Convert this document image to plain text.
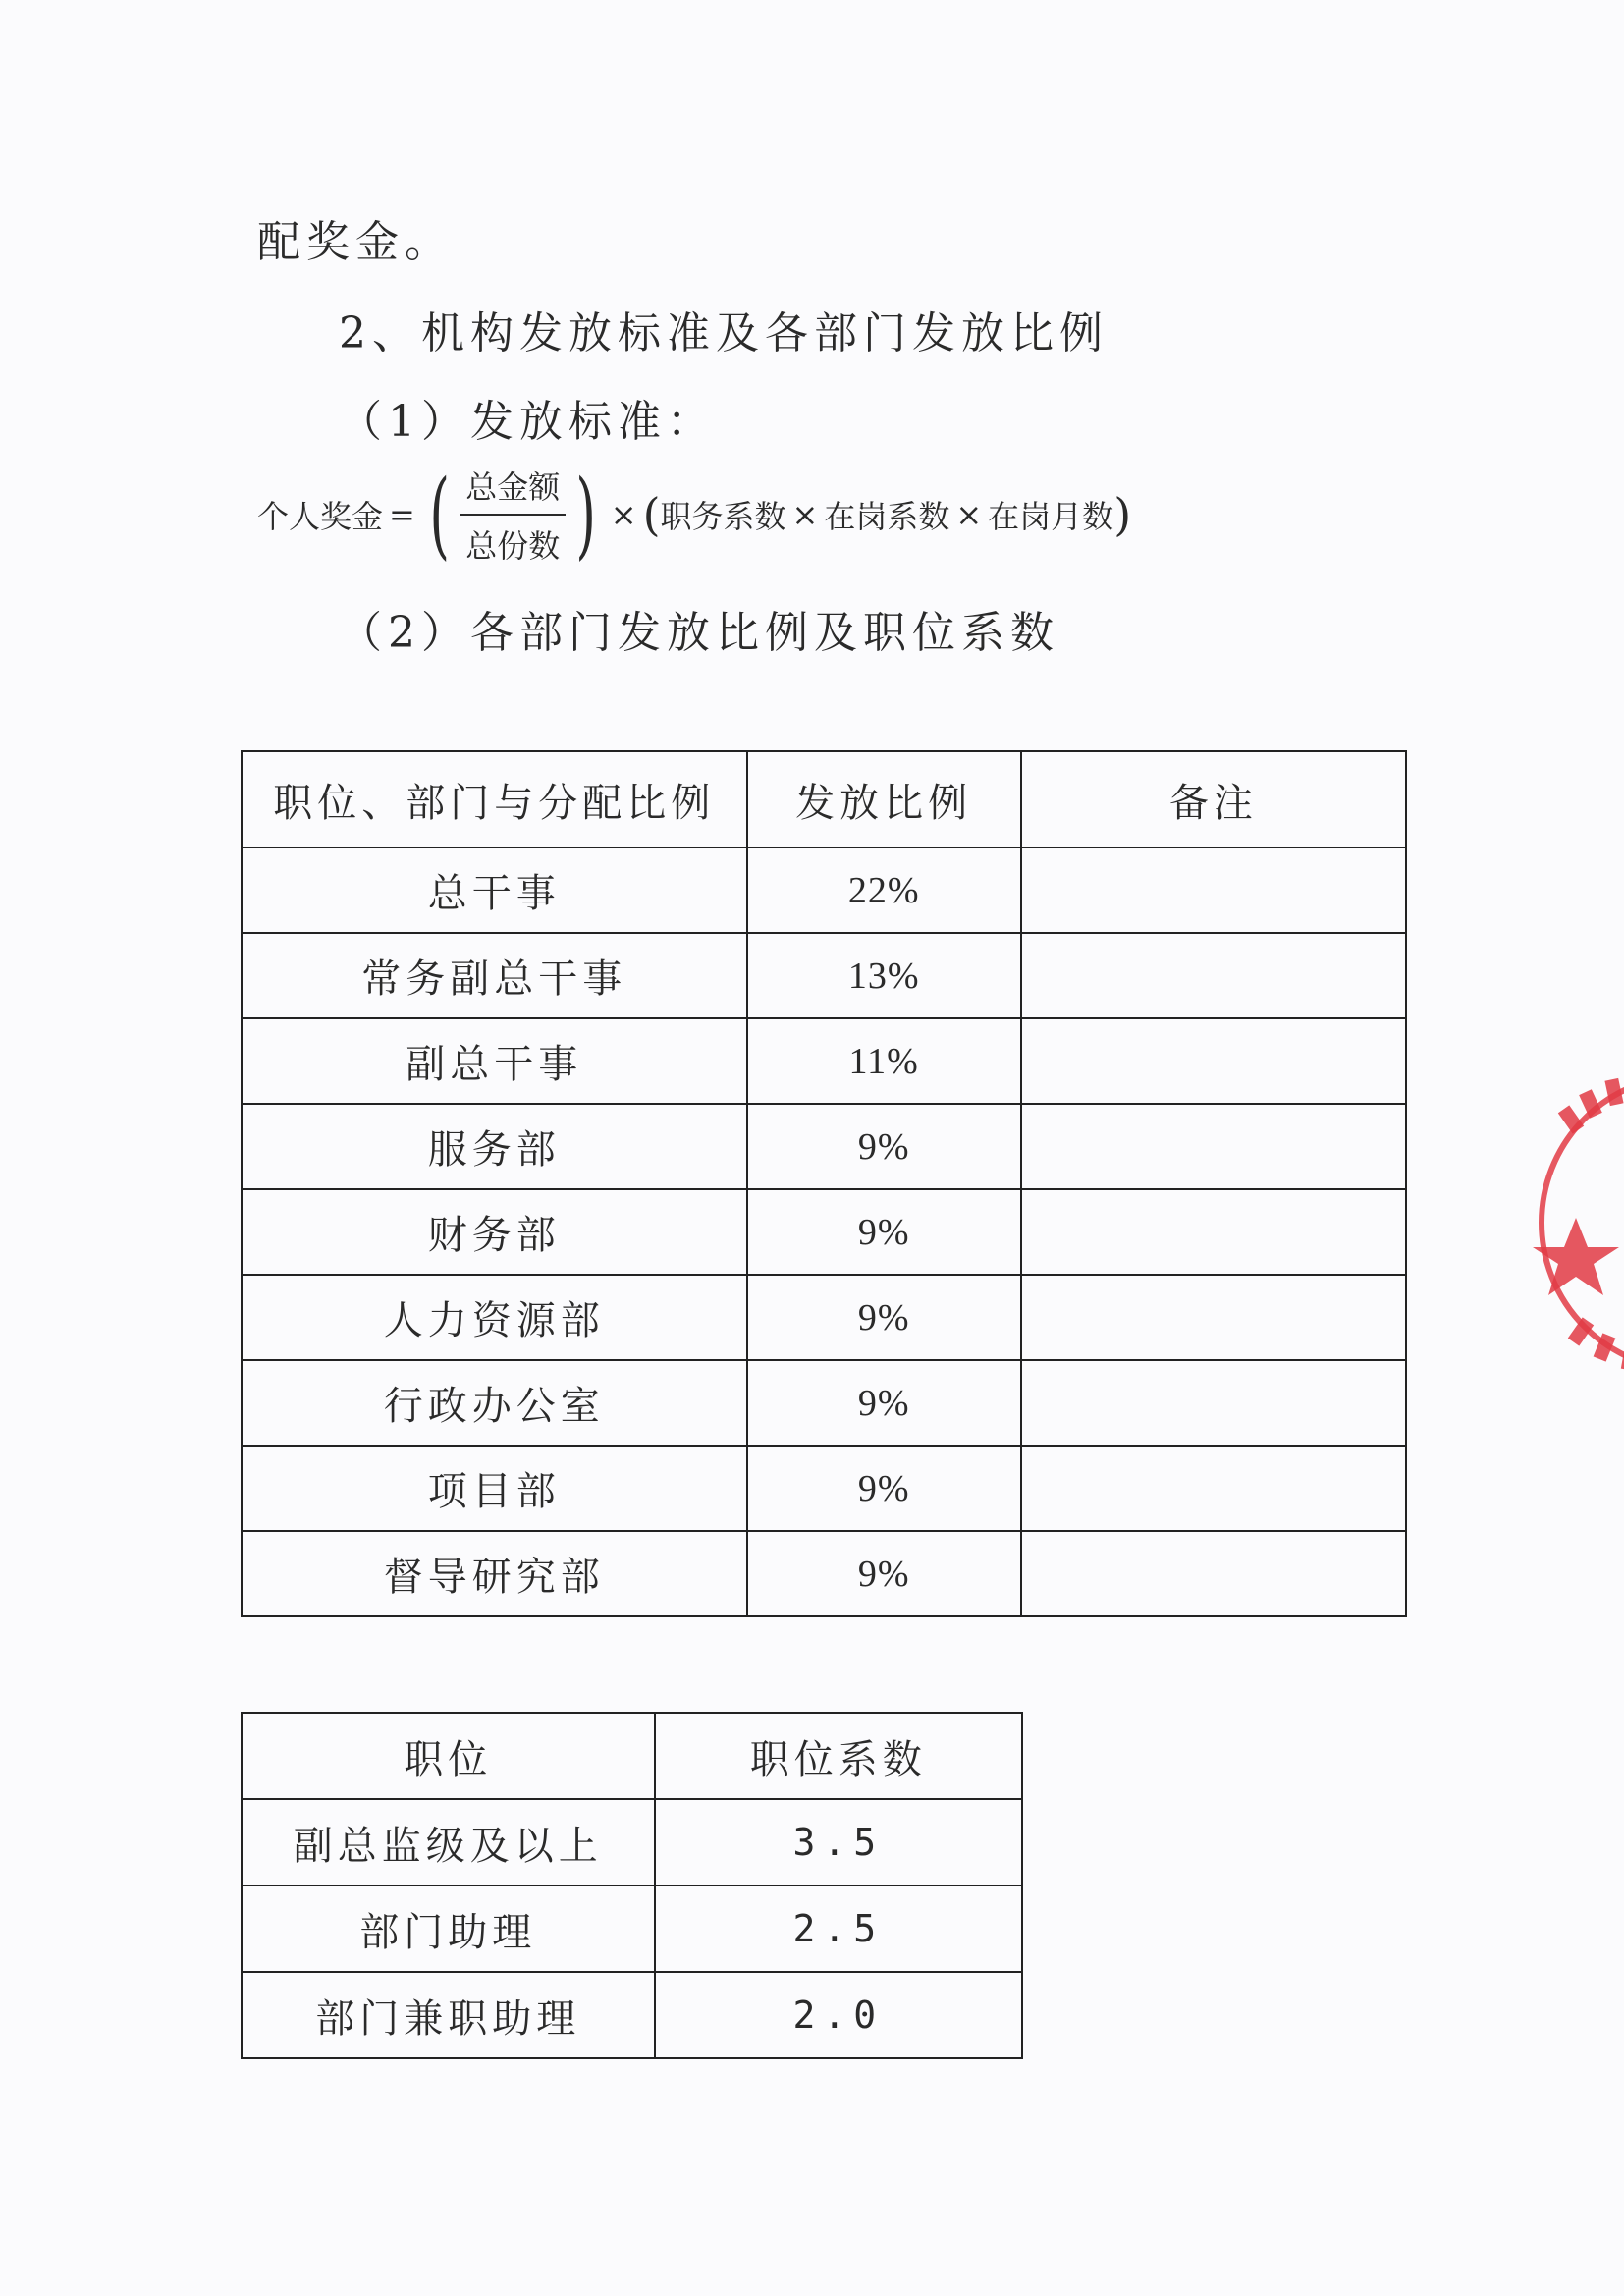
配奖金。
2、机构发放标准及各部门发放比例
（1）发放标准：
个人奖金 = ( $\frac{\text{总金额}}{\text{总份数}}$ ) × ( 职务系数 × 在岗系数 × 在岗月数 )
（2）各部门发放比例及职位系数
职位、部门与分配比例	发放比例	备注
总干事	22%	
常务副总干事	13%	
副总干事	11%	
服务部	9%	
财务部	9%	
人力资源部	9%	
行政办公室	9%	
项目部	9%	
督导研究部	9%	
职位	职位系数
副总监级及以上	3.5
部门助理	2.5
部门兼职助理	2.0
